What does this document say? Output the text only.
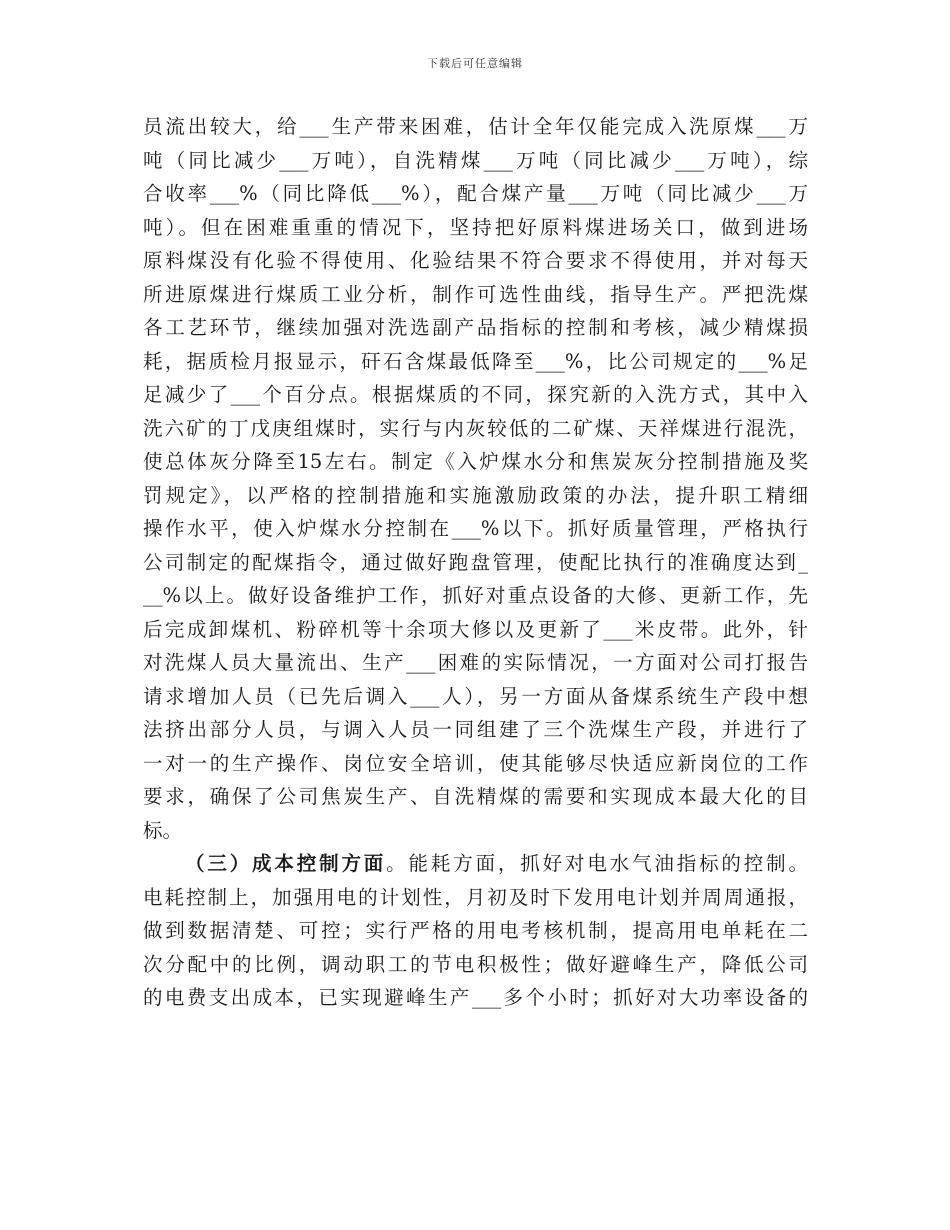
下载后可任意编辑
员流出较大，给___生产带来困难，估计全年仅能完成入洗原煤___万
吨（同比减少___万吨），自洗精煤___万吨（同比减少___万吨），综
合收率___%（同比降低___%），配合煤产量___万吨（同比减少___万
吨）。但在困难重重的情况下，坚持把好原料煤进场关口，做到进场
原料煤没有化验不得使用、化验结果不符合要求不得使用，并对每天
所进原煤进行煤质工业分析，制作可选性曲线，指导生产。严把洗煤
各工艺环节，继续加强对洗选副产品指标的控制和考核，减少精煤损
耗，据质检月报显示，矸石含煤最低降至___%，比公司规定的___%足
足减少了___个百分点。根据煤质的不同，探究新的入洗方式，其中入
洗六矿的丁戊庚组煤时，实行与内灰较低的二矿煤、天祥煤进行混洗，
使总体灰分降至15左右。制定《入炉煤水分和焦炭灰分控制措施及奖
罚规定》，以严格的控制措施和实施激励政策的办法，提升职工精细
操作水平，使入炉煤水分控制在___%以下。抓好质量管理，严格执行
公司制定的配煤指令，通过做好跑盘管理，使配比执行的准确度达到_
__%以上。做好设备维护工作，抓好对重点设备的大修、更新工作，先
后完成卸煤机、粉碎机等十余项大修以及更新了___米皮带。此外，针
对洗煤人员大量流出、生产___困难的实际情况，一方面对公司打报告
请求增加人员（已先后调入___人），另一方面从备煤系统生产段中想
法挤出部分人员，与调入人员一同组建了三个洗煤生产段，并进行了
一对一的生产操作、岗位安全培训，使其能够尽快适应新岗位的工作
要求，确保了公司焦炭生产、自洗精煤的需要和实现成本最大化的目
标。
（三）成本控制方面。能耗方面，抓好对电水气油指标的控制。
电耗控制上，加强用电的计划性，月初及时下发用电计划并周周通报，
做到数据清楚、可控；实行严格的用电考核机制，提高用电单耗在二
次分配中的比例，调动职工的节电积极性；做好避峰生产，降低公司
的电费支出成本，已实现避峰生产___多个小时；抓好对大功率设备的
